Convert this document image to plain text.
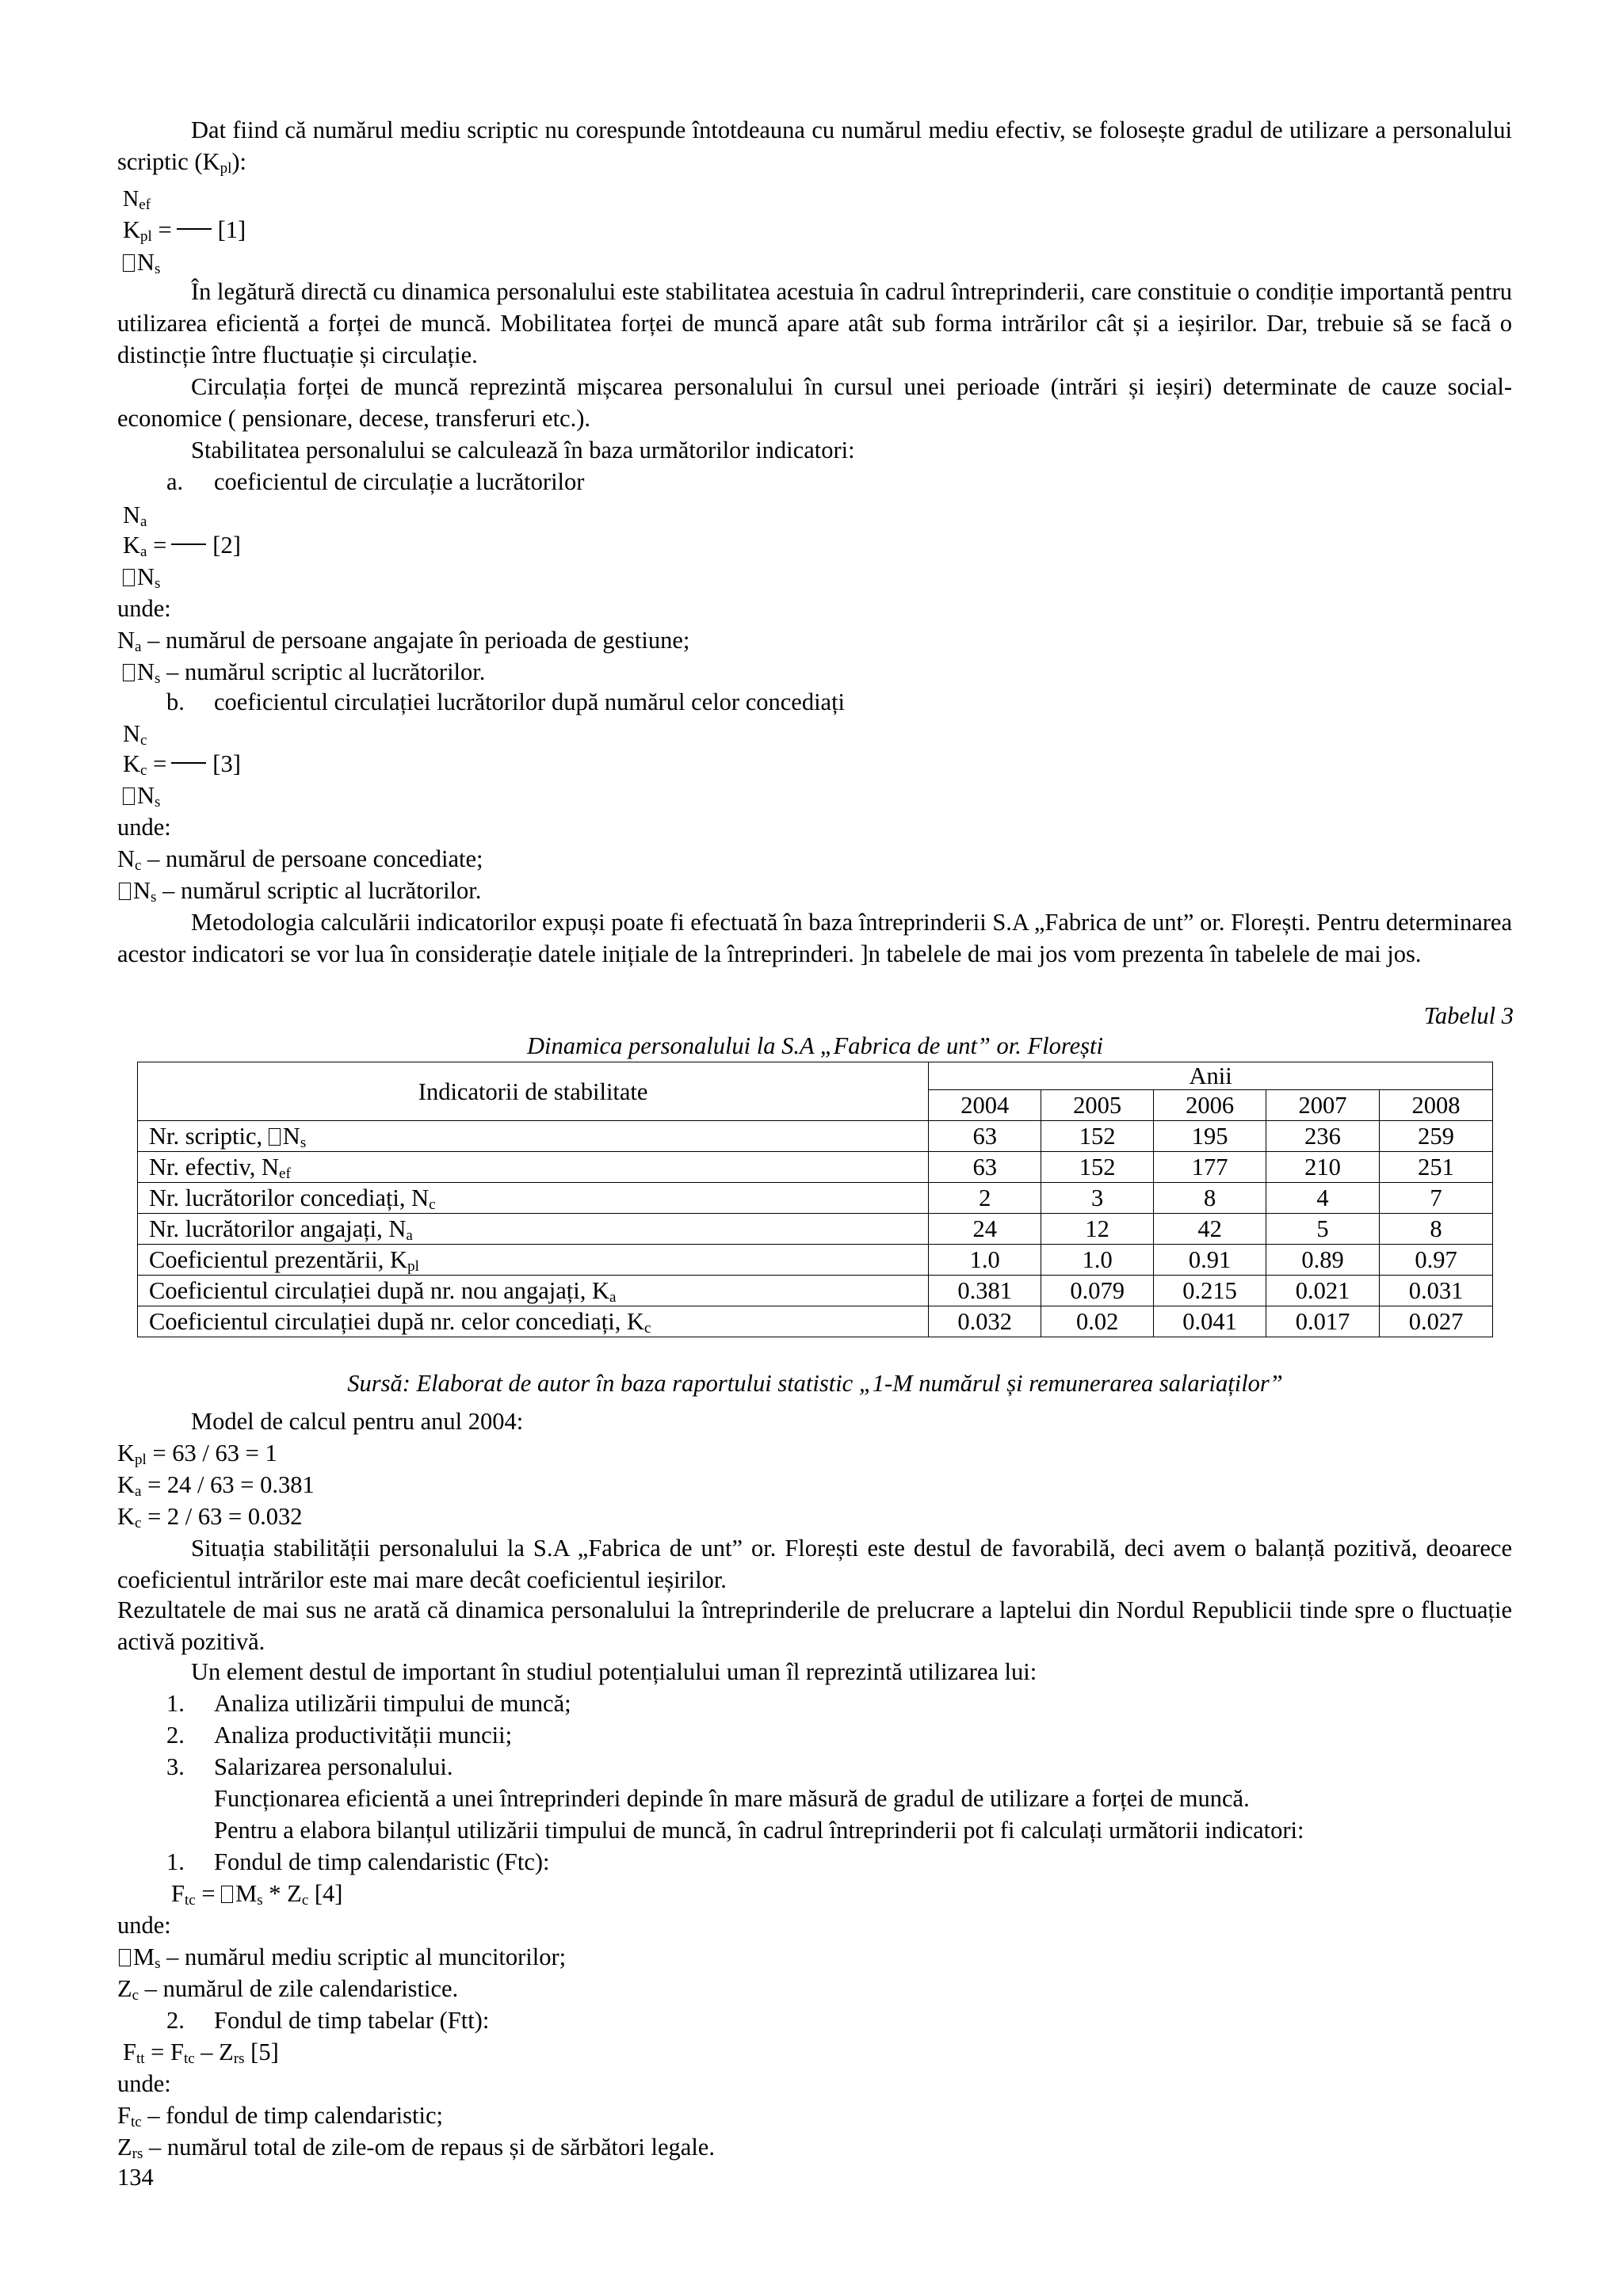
Dat fiind că numărul mediu scriptic nu corespunde întotdeauna cu numărul mediu efectiv, se folosește gradul de utilizare a personalului scriptic $(K_{pl})$:
$N_{ef}$
$K_{pl} = [1]$
$N_s$
În legătură directă cu dinamica personalului este stabilitatea acestuia în cadrul întreprinderii, care constituie o condiție importantă pentru utilizarea eficientă a forței de muncă. Mobilitatea forței de muncă apare atât sub forma intrărilor cât și a ieșirilor. Dar, trebuie să se facă o distincție între fluctuație și circulație.
Circulația forței de muncă reprezintă mișcarea personalului în cursul unei perioade (intrări și ieșiri) determinate de cauze social-economice ( pensionare, decese, transferuri etc.).
Stabilitatea personalului se calculează în baza următorilor indicatori:
a. coeficientul de circulație a lucrătorilor
$N_a$
$K_a = [2]$
$N_s$
unde:
$N_a$ – numărul de persoane angajate în perioada de gestiune;
$N_s$ – numărul scriptic al lucrătorilor.
b. coeficientul circulației lucrătorilor după numărul celor concediați
$N_c$
$K_c = [3]$
$N_s$
unde:
$N_c$ – numărul de persoane concediate;
$N_s$ – numărul scriptic al lucrătorilor.
Metodologia calculării indicatorilor expuși poate fi efectuată în baza întreprinderii S.A „Fabrica de unt” or. Florești. Pentru determinarea acestor indicatori se vor lua în considerație datele inițiale de la întreprinderi. ]n tabelele de mai jos vom prezenta în tabelele de mai jos.
Tabelul 3
Dinamica personalului la S.A „Fabrica de unt” or. Florești
Indicatorii de stabilitate	Anii				
	2004	2005	2006	2007	2008
Nr. scriptic, $N_s$	63	152	195	236	259
Nr. efectiv, $N_{ef}$	63	152	177	210	251
Nr. lucrătorilor concediați, $N_c$	2	3	8	4	7
Nr. lucrătorilor angajați, $N_a$	24	12	42	5	8
Coeficientul prezentării, $K_{pl}$	1.0	1.0	0.91	0.89	0.97
Coeficientul circulației după nr. nou angajați, $K_a$	0.381	0.079	0.215	0.021	0.031
Coeficientul circulației după nr. celor concediați, $K_c$	0.032	0.02	0.041	0.017	0.027
Sursă: Elaborat de autor în baza raportului statistic „1-M numărul și remunerarea salariaților”
Model de calcul pentru anul 2004:
$K_{pl} = 63 / 63 = 1$
$K_a = 24 / 63 = 0.381$
$K_c = 2 / 63 = 0.032$
Situația stabilității personalului la S.A „Fabrica de unt” or. Florești este destul de favorabilă, deci avem o balanță pozitivă, deoarece coeficientul intrărilor este mai mare decât coeficientul ieșirilor.
Rezultatele de mai sus ne arată că dinamica personalului la întreprinderile de prelucrare a laptelui din Nordul Republicii tinde spre o fluctuație activă pozitivă.
Un element destul de important în studiul potențialului uman îl reprezintă utilizarea lui:
1. Analiza utilizării timpului de muncă;
2. Analiza productivității muncii;
3. Salarizarea personalului.
Funcționarea eficientă a unei întreprinderi depinde în mare măsură de gradul de utilizare a forței de muncă.
Pentru a elabora bilanțul utilizării timpului de muncă, în cadrul întreprinderii pot fi calculați următorii indicatori:
1. Fondul de timp calendaristic (Ftc):
$F_{tc} = M_s * Z_c$ [4]
unde:
$M_s$ – numărul mediu scriptic al muncitorilor;
$Z_c$ – numărul de zile calendaristice.
2. Fondul de timp tabelar (Ftt):
$F_{tt} = F_{tc} - Z_{rs}$ [5]
unde:
$F_{tc}$ – fondul de timp calendaristic;
$Z_{rs}$ – numărul total de zile-om de repaus și de sărbători legale.
134
